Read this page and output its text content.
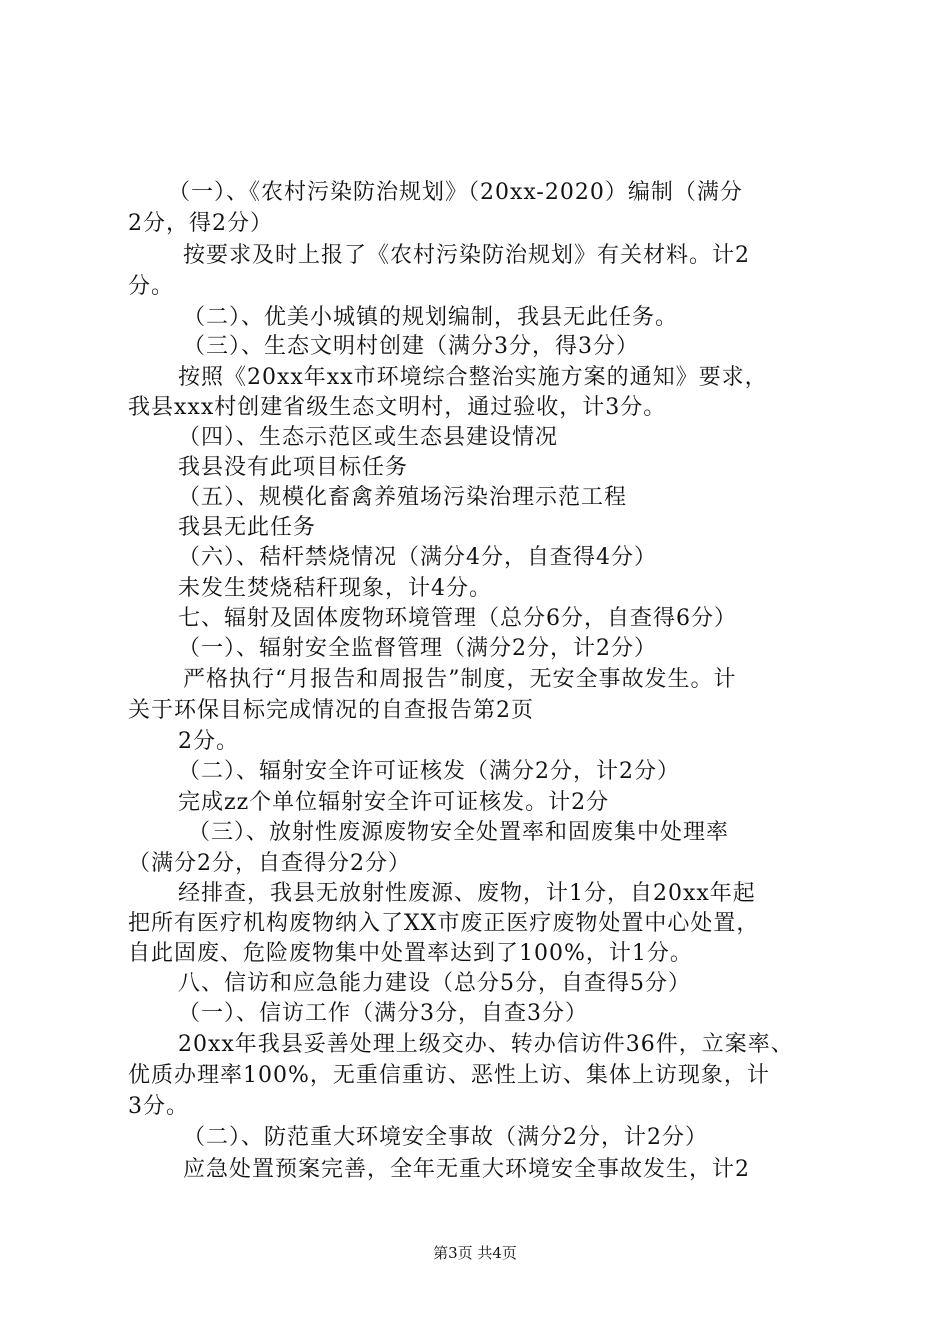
（一）、《农村污染防治规划》（20xx-2020）编制（满分
2分，得2分）
按要求及时上报了《农村污染防治规划》有关材料。计2
分。
（二）、优美小城镇的规划编制，我县无此任务。
（三）、生态文明村创建（满分3分，得3分）
按照《20xx年xx市环境综合整治实施方案的通知》要求，
我县xxx村创建省级生态文明村，通过验收，计3分。
（四）、生态示范区或生态县建设情况
我县没有此项目标任务
（五）、规模化畜禽养殖场污染治理示范工程
我县无此任务
（六）、秸杆禁烧情况（满分4分，自查得4分）
未发生焚烧秸秆现象，计4分。
七、辐射及固体废物环境管理（总分6分，自查得6分）
（一）、辐射安全监督管理（满分2分，计2分）
严格执行“月报告和周报告”制度，无安全事故发生。计
关于环保目标完成情况的自查报告第2页
2分。
（二）、辐射安全许可证核发（满分2分，计2分）
完成zz个单位辐射安全许可证核发。计2分
（三）、放射性废源废物安全处置率和固废集中处理率
（满分2分，自查得分2分）
经排查，我县无放射性废源、废物，计1分，自20xx年起
把所有医疗机构废物纳入了XX市废正医疗废物处置中心处置，
自此固废、危险废物集中处置率达到了100%，计1分。
八、信访和应急能力建设（总分5分，自查得5分）
（一）、信访工作（满分3分，自查3分）
20xx年我县妥善处理上级交办、转办信访件36件，立案率、
优质办理率100%，无重信重访、恶性上访、集体上访现象，计
3分。
（二）、防范重大环境安全事故（满分2分，计2分）
应急处置预案完善，全年无重大环境安全事故发生，计2
第3页 共4页
